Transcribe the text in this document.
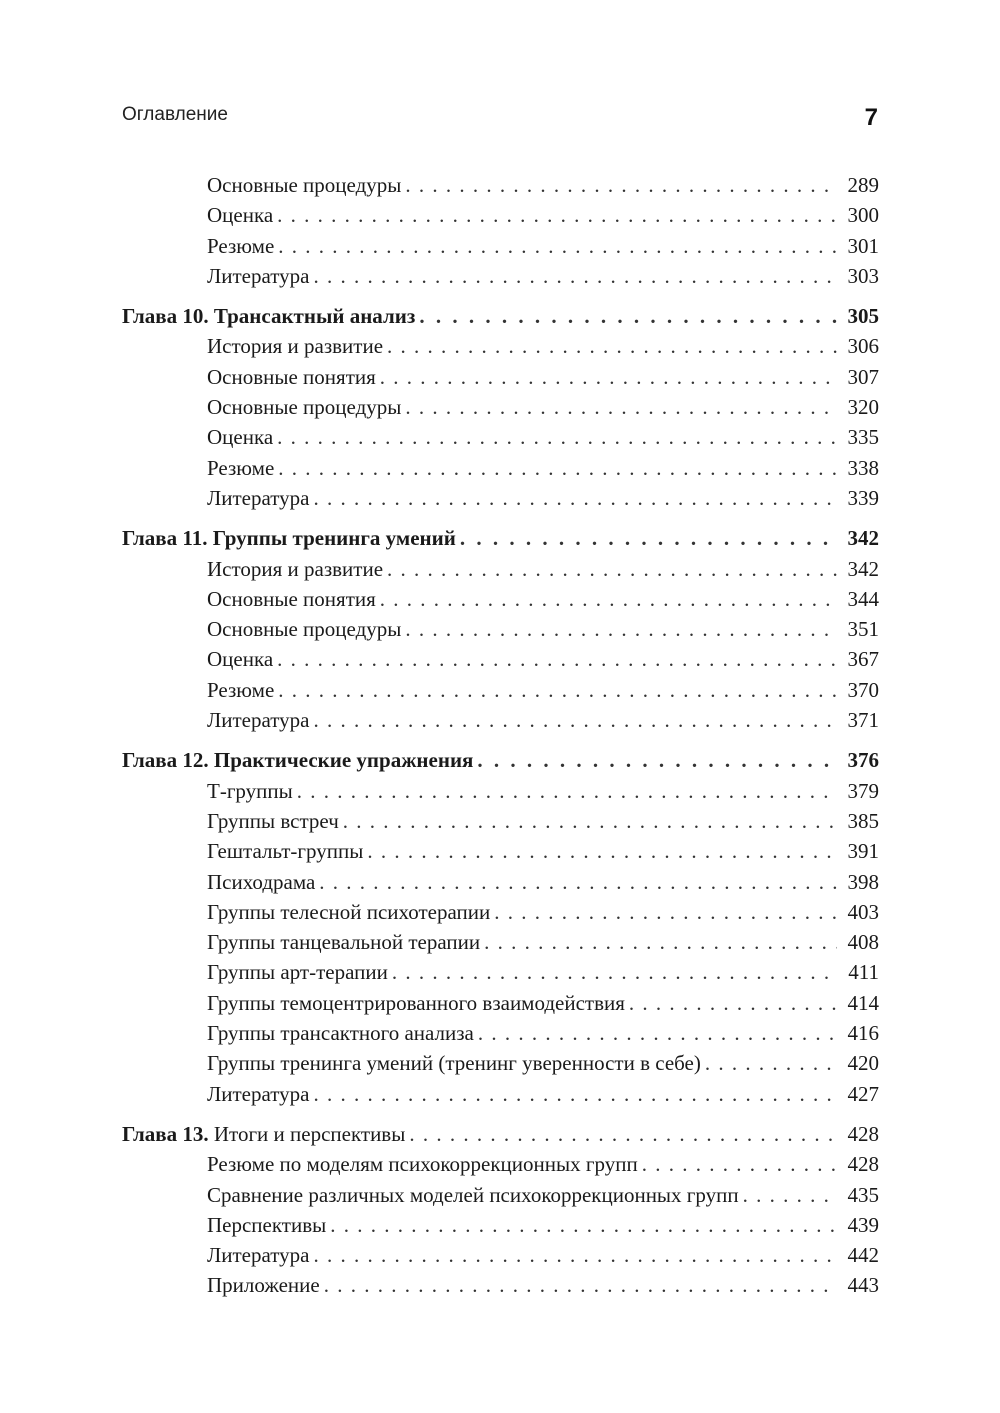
Оглавление	7
Основные процедуры . . .	289
Оценка . . .	300
Резюме . . .	301
Литература . . .	303
Глава 10. Трансактный анализ . . .	305
История и развитие . . .	306
Основные понятия . . .	307
Основные процедуры . . .	320
Оценка . . .	335
Резюме . . .	338
Литература . . .	339
Глава 11. Группы тренинга умений . . .	342
История и развитие . . .	342
Основные понятия . . .	344
Основные процедуры . . .	351
Оценка . . .	367
Резюме . . .	370
Литература . . .	371
Глава 12. Практические упражнения . . .	376
Т-группы . . .	379
Группы встреч . . .	385
Гештальт-группы . . .	391
Психодрама . . .	398
Группы телесной психотерапии . . .	403
Группы танцевальной терапии . . .	408
Группы арт-терапии . . .	411
Группы темоцентрированного взаимодействия . . .	414
Группы трансактного анализа . . .	416
Группы тренинга умений (тренинг уверенности в себе) . . .	420
Литература . . .	427
Глава 13. Итоги и перспективы . . .	428
Резюме по моделям психокоррекционных групп . . .	428
Сравнение различных моделей психокоррекционных групп . . .	435
Перспективы . . .	439
Литература . . .	442
Приложение . . .	443
